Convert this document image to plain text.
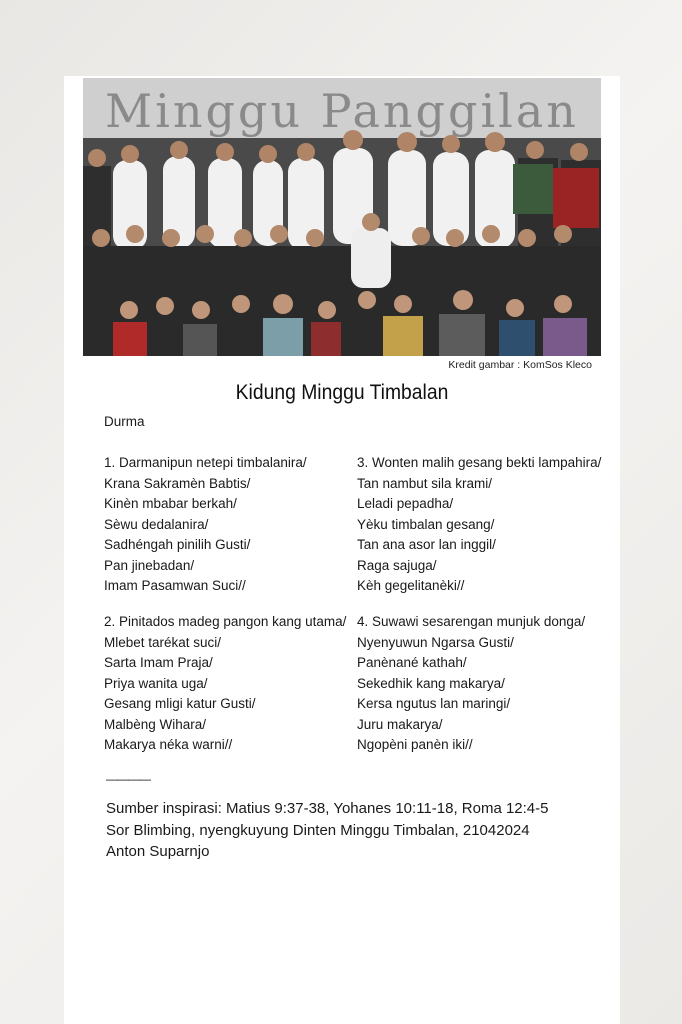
Minggu Panggilan
Kredit gambar : KomSos Kleco
Kidung Minggu Timbalan
Durma
1. Darmanipun netepi timbalanira/
Krana Sakramèn Babtis/
Kinèn mbabar berkah/
Sèwu dedalanira/
Sadhéngah pinilih Gusti/
Pan jinebadan/
Imam Pasamwan Suci//
2. Pinitados madeg pangon kang utama/
Mlebet tarékat suci/
Sarta Imam Praja/
Priya wanita uga/
Gesang mligi katur Gusti/
Malbèng Wihara/
Makarya néka warni//
3. Wonten malih gesang bekti lampahira/
Tan nambut sila krami/
Leladi pepadha/
Yèku timbalan gesang/
Tan ana asor lan inggil/
Raga sajuga/
Kèh gegelitanèki//
4. Suwawi sesarengan munjuk donga/
Nyenyuwun Ngarsa Gusti/
Panènané kathah/
Sekedhik kang makarya/
Kersa ngutus lan maringi/
Juru makarya/
Ngopèni panèn iki//
————
Sumber inspirasi: Matius 9:37-38, Yohanes 10:11-18, Roma 12:4-5
Sor Blimbing, nyengkuyung Dinten Minggu Timbalan, 21042024
Anton Suparnjo
